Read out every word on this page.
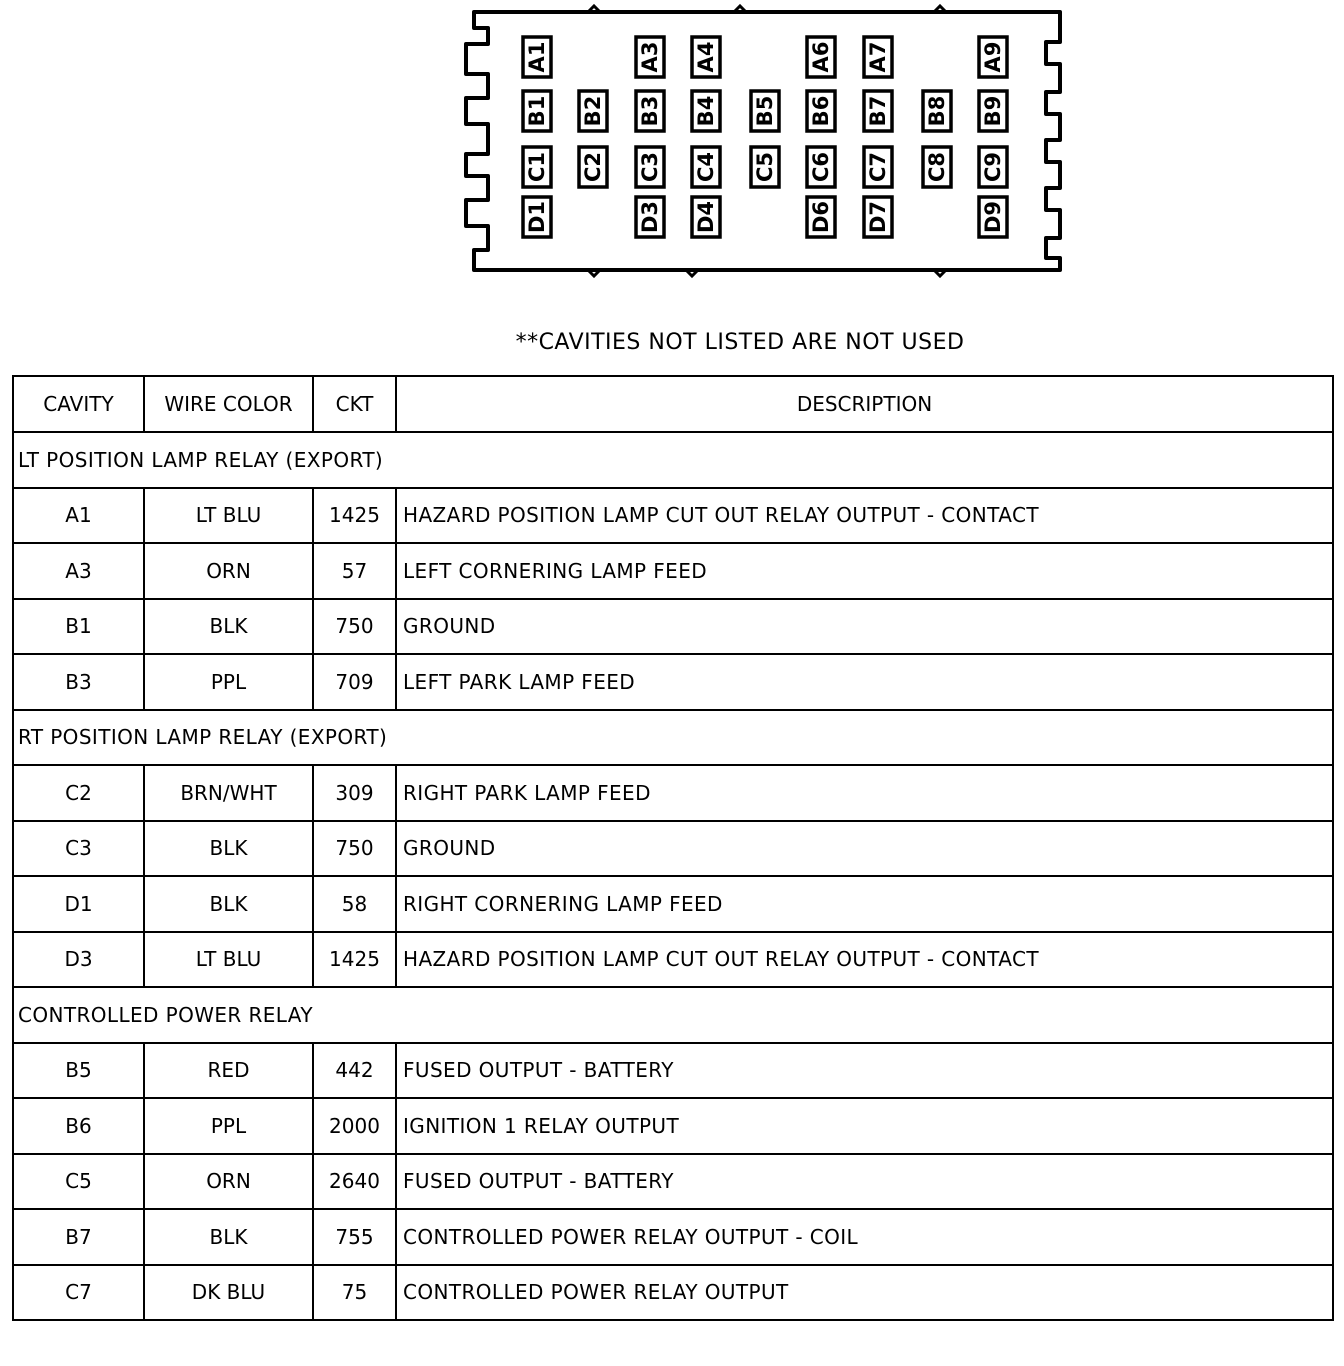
A1	A3 A4	A6 A7	A9
B1 B2 B3 B4 B5 B6 B7 B8 B9
C1 C2 C3 C4 C5 C6 C7 C8 C9
D1	D3 D4	D6 D7	D9
**CAVITIES NOT LISTED ARE NOT USED
CAVITY	WIRE COLOR	CKT	DESCRIPTION
LT POSITION LAMP RELAY (EXPORT)			
A1	LT BLU	1425	HAZARD POSITION LAMP CUT OUT RELAY OUTPUT - CONTACT
A3	ORN	57	LEFT CORNERING LAMP FEED
B1	BLK	750	GROUND
B3	PPL	709	LEFT PARK LAMP FEED
RT POSITION LAMP RELAY (EXPORT)			
C2	BRN/WHT	309	RIGHT PARK LAMP FEED
C3	BLK	750	GROUND
D1	BLK	58	RIGHT CORNERING LAMP FEED
D3	LT BLU	1425	HAZARD POSITION LAMP CUT OUT RELAY OUTPUT - CONTACT
CONTROLLED POWER RELAY			
B5	RED	442	FUSED OUTPUT - BATTERY
B6	PPL	2000	IGNITION 1 RELAY OUTPUT
C5	ORN	2640	FUSED OUTPUT - BATTERY
B7	BLK	755	CONTROLLED POWER RELAY OUTPUT - COIL
C7	DK BLU	75	CONTROLLED POWER RELAY OUTPUT
